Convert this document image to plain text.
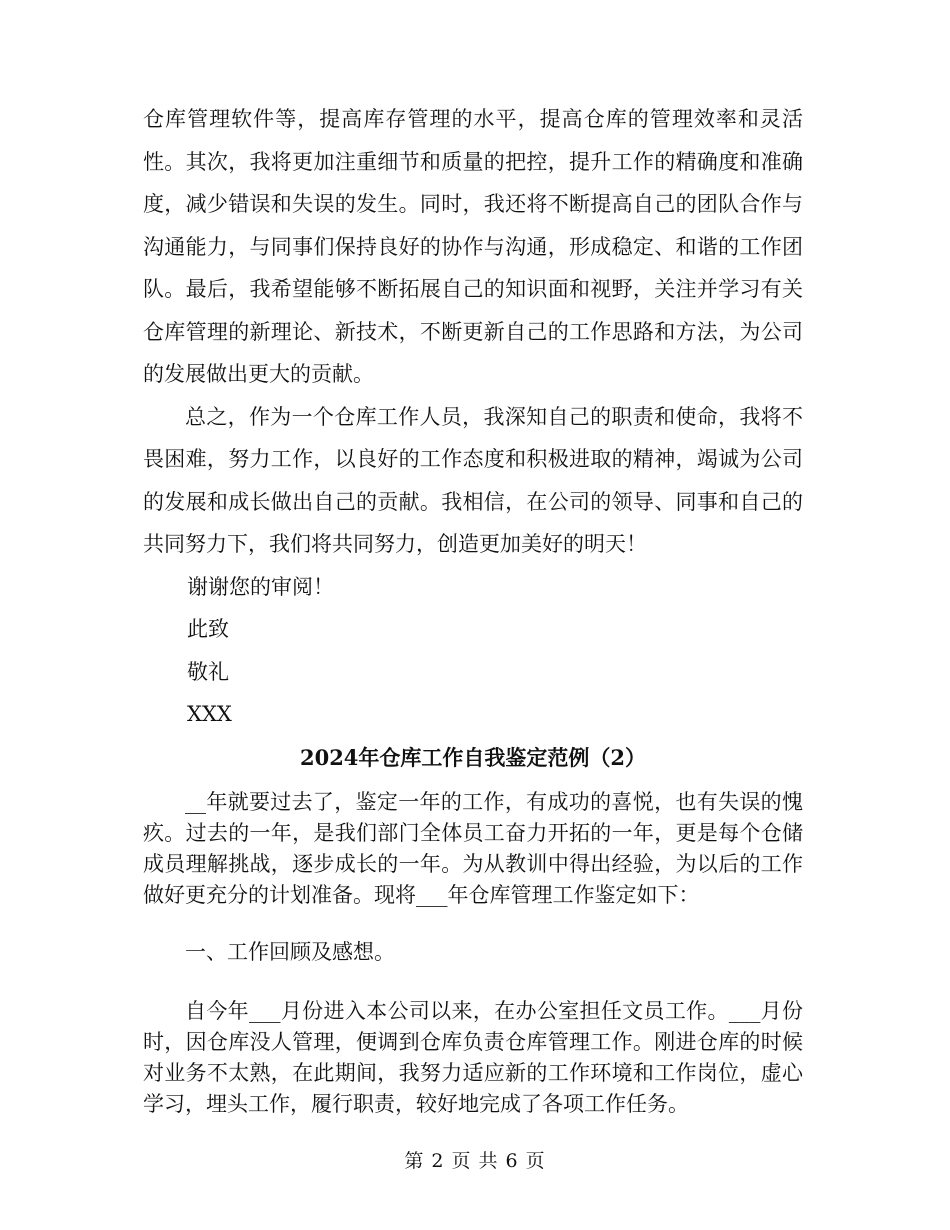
仓库管理软件等，提高库存管理的水平，提高仓库的管理效率和灵活性。其次，我将更加注重细节和质量的把控，提升工作的精确度和准确度，减少错误和失误的发生。同时，我还将不断提高自己的团队合作与沟通能力，与同事们保持良好的协作与沟通，形成稳定、和谐的工作团队。最后，我希望能够不断拓展自己的知识面和视野，关注并学习有关仓库管理的新理论、新技术，不断更新自己的工作思路和方法，为公司的发展做出更大的贡献。

总之，作为一个仓库工作人员，我深知自己的职责和使命，我将不畏困难，努力工作，以良好的工作态度和积极进取的精神，竭诚为公司的发展和成长做出自己的贡献。我相信，在公司的领导、同事和自己的共同努力下，我们将共同努力，创造更加美好的明天！

谢谢您的审阅！

此致

敬礼

XXX

2024年仓库工作自我鉴定范例（2）

__年就要过去了，鉴定一年的工作，有成功的喜悦，也有失误的愧疚。过去的一年，是我们部门全体员工奋力开拓的一年，更是每个仓储成员理解挑战，逐步成长的一年。为从教训中得出经验，为以后的工作做好更充分的计划准备。现将___年仓库管理工作鉴定如下：

一、工作回顾及感想。

自今年___月份进入本公司以来，在办公室担任文员工作。___月份时，因仓库没人管理，便调到仓库负责仓库管理工作。刚进仓库的时候对业务不太熟，在此期间，我努力适应新的工作环境和工作岗位，虚心学习，埋头工作，履行职责，较好地完成了各项工作任务。

第 2 页 共 6 页
